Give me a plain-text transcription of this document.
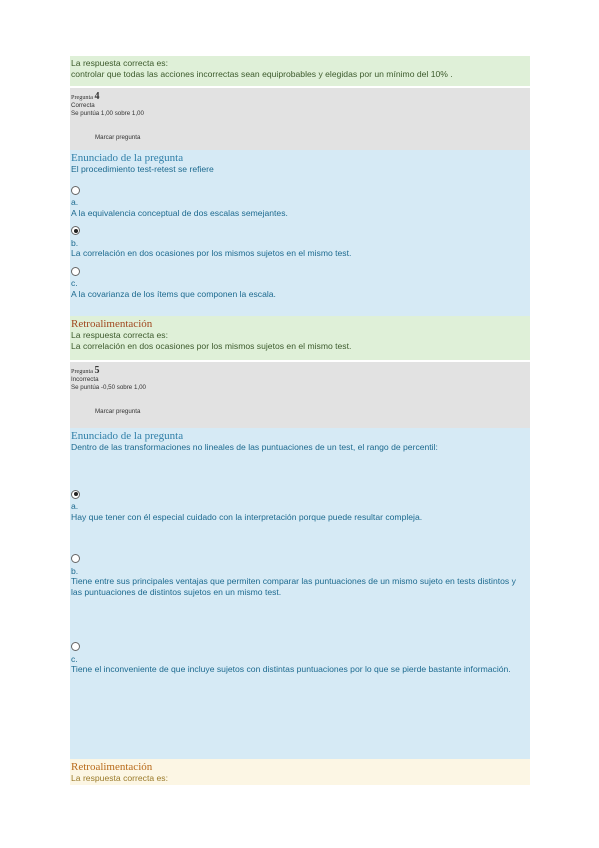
La respuesta correcta es:
controlar que todas las acciones incorrectas sean equiprobables y elegidas por un mínimo del 10% .
Pregunta 4
Correcta
Se puntúa 1,00 sobre 1,00
Marcar pregunta
Enunciado de la pregunta
El procedimiento test-retest se refiere
a.
A la equivalencia conceptual de dos escalas semejantes.
b.
La correlación en dos ocasiones por los mismos sujetos en el mismo test.
c.
A la covarianza de los ítems que componen la escala.
Retroalimentación
La respuesta correcta es:
La correlación en dos ocasiones por los mismos sujetos en el mismo test.
Pregunta 5
Incorrecta
Se puntúa -0,50 sobre 1,00
Marcar pregunta
Enunciado de la pregunta
Dentro de las transformaciones no lineales de las puntuaciones de un test, el rango de percentil:
a.
Hay que tener con él especial cuidado con la interpretación porque puede resultar compleja.
b.
Tiene entre sus principales ventajas que permiten comparar las puntuaciones de un mismo sujeto en tests distintos y las puntuaciones de distintos sujetos en un mismo test.
c.
Tiene el inconveniente de que incluye sujetos con distintas puntuaciones por lo que se pierde bastante información.
Retroalimentación
La respuesta correcta es:
